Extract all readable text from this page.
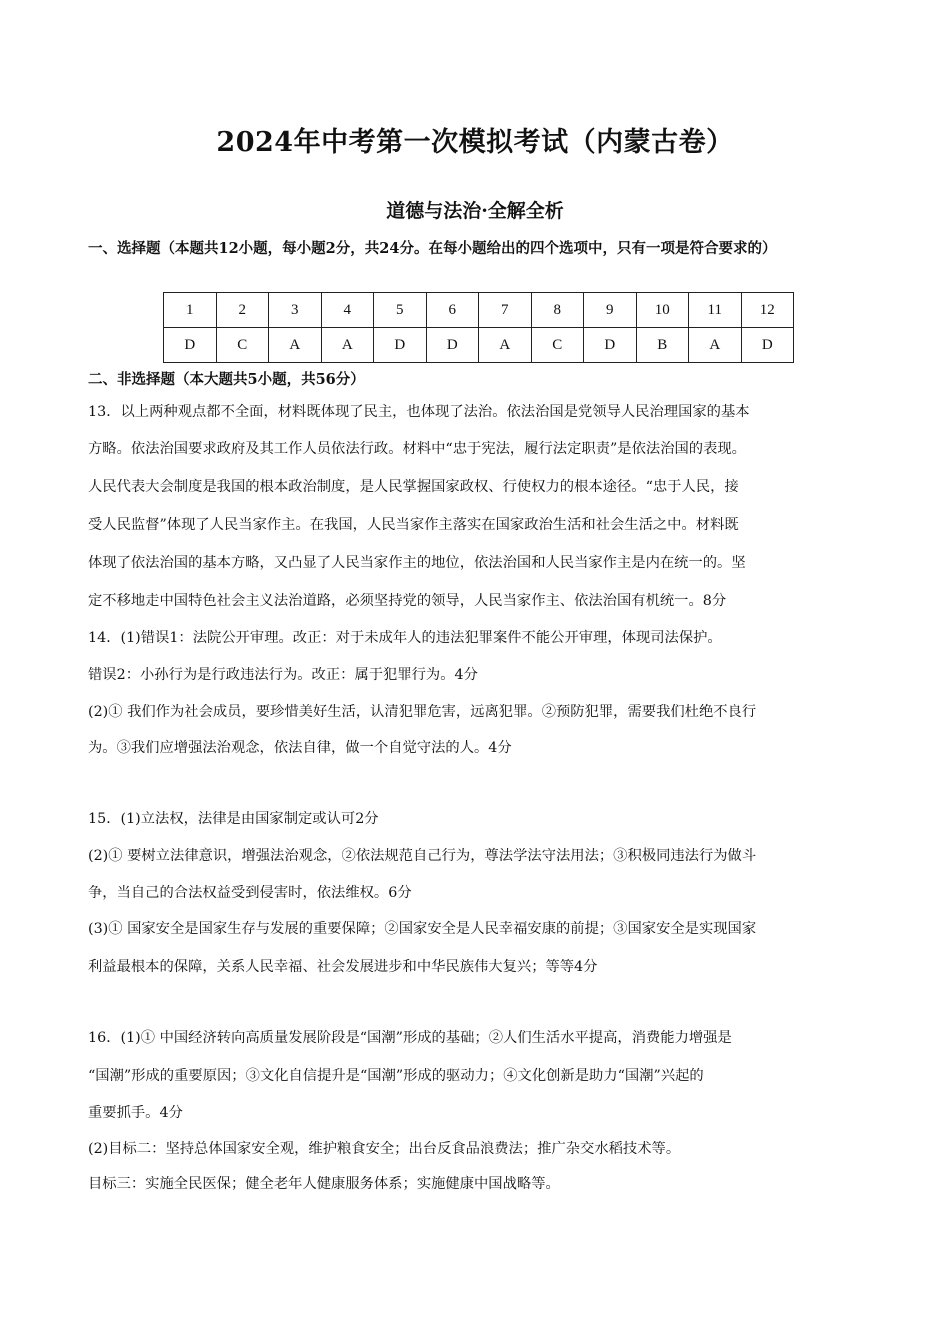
2024年中考第一次模拟考试（内蒙古卷）
道德与法治·全解全析
一、选择题（本题共12小题，每小题2分，共24分。在每小题给出的四个选项中，只有一项是符合要求的）
1	2	3	4	5	6	7	8	9	10	11	12
D	C	A	A	D	D	A	C	D	B	A	D
二、非选择题（本大题共5小题，共56分）
13．以上两种观点都不全面，材料既体现了民主，也体现了法治。依法治国是党领导人民治理国家的基本
方略。依法治国要求政府及其工作人员依法行政。材料中“忠于宪法，履行法定职责”是依法治国的表现。
人民代表大会制度是我国的根本政治制度，是人民掌握国家政权、行使权力的根本途径。“忠于人民，接
受人民监督”体现了人民当家作主。在我国，人民当家作主落实在国家政治生活和社会生活之中。材料既
体现了依法治国的基本方略，又凸显了人民当家作主的地位，依法治国和人民当家作主是内在统一的。坚
定不移地走中国特色社会主义法治道路，必须坚持党的领导，人民当家作主、依法治国有机统一。8分
14．(1)错误1：法院公开审理。改正：对于未成年人的违法犯罪案件不能公开审理，体现司法保护。
错误2：小孙行为是行政违法行为。改正：属于犯罪行为。4分
(2)① 我们作为社会成员，要珍惜美好生活，认清犯罪危害，远离犯罪。②预防犯罪，需要我们杜绝不良行
为。③我们应增强法治观念，依法自律，做一个自觉守法的人。4分
15．(1)立法权，法律是由国家制定或认可2分
(2)① 要树立法律意识，增强法治观念，②依法规范自己行为，尊法学法守法用法；③积极同违法行为做斗
争，当自己的合法权益受到侵害时，依法维权。6分
(3)① 国家安全是国家生存与发展的重要保障；②国家安全是人民幸福安康的前提；③国家安全是实现国家
利益最根本的保障，关系人民幸福、社会发展进步和中华民族伟大复兴；等等4分
16．(1)① 中国经济转向高质量发展阶段是“国潮”形成的基础；②人们生活水平提高，消费能力增强是
“国潮”形成的重要原因；③文化自信提升是“国潮”形成的驱动力；④文化创新是助力“国潮”兴起的
重要抓手。4分
(2)目标二：坚持总体国家安全观，维护粮食安全；出台反食品浪费法；推广杂交水稻技术等。
目标三：实施全民医保；健全老年人健康服务体系；实施健康中国战略等。
